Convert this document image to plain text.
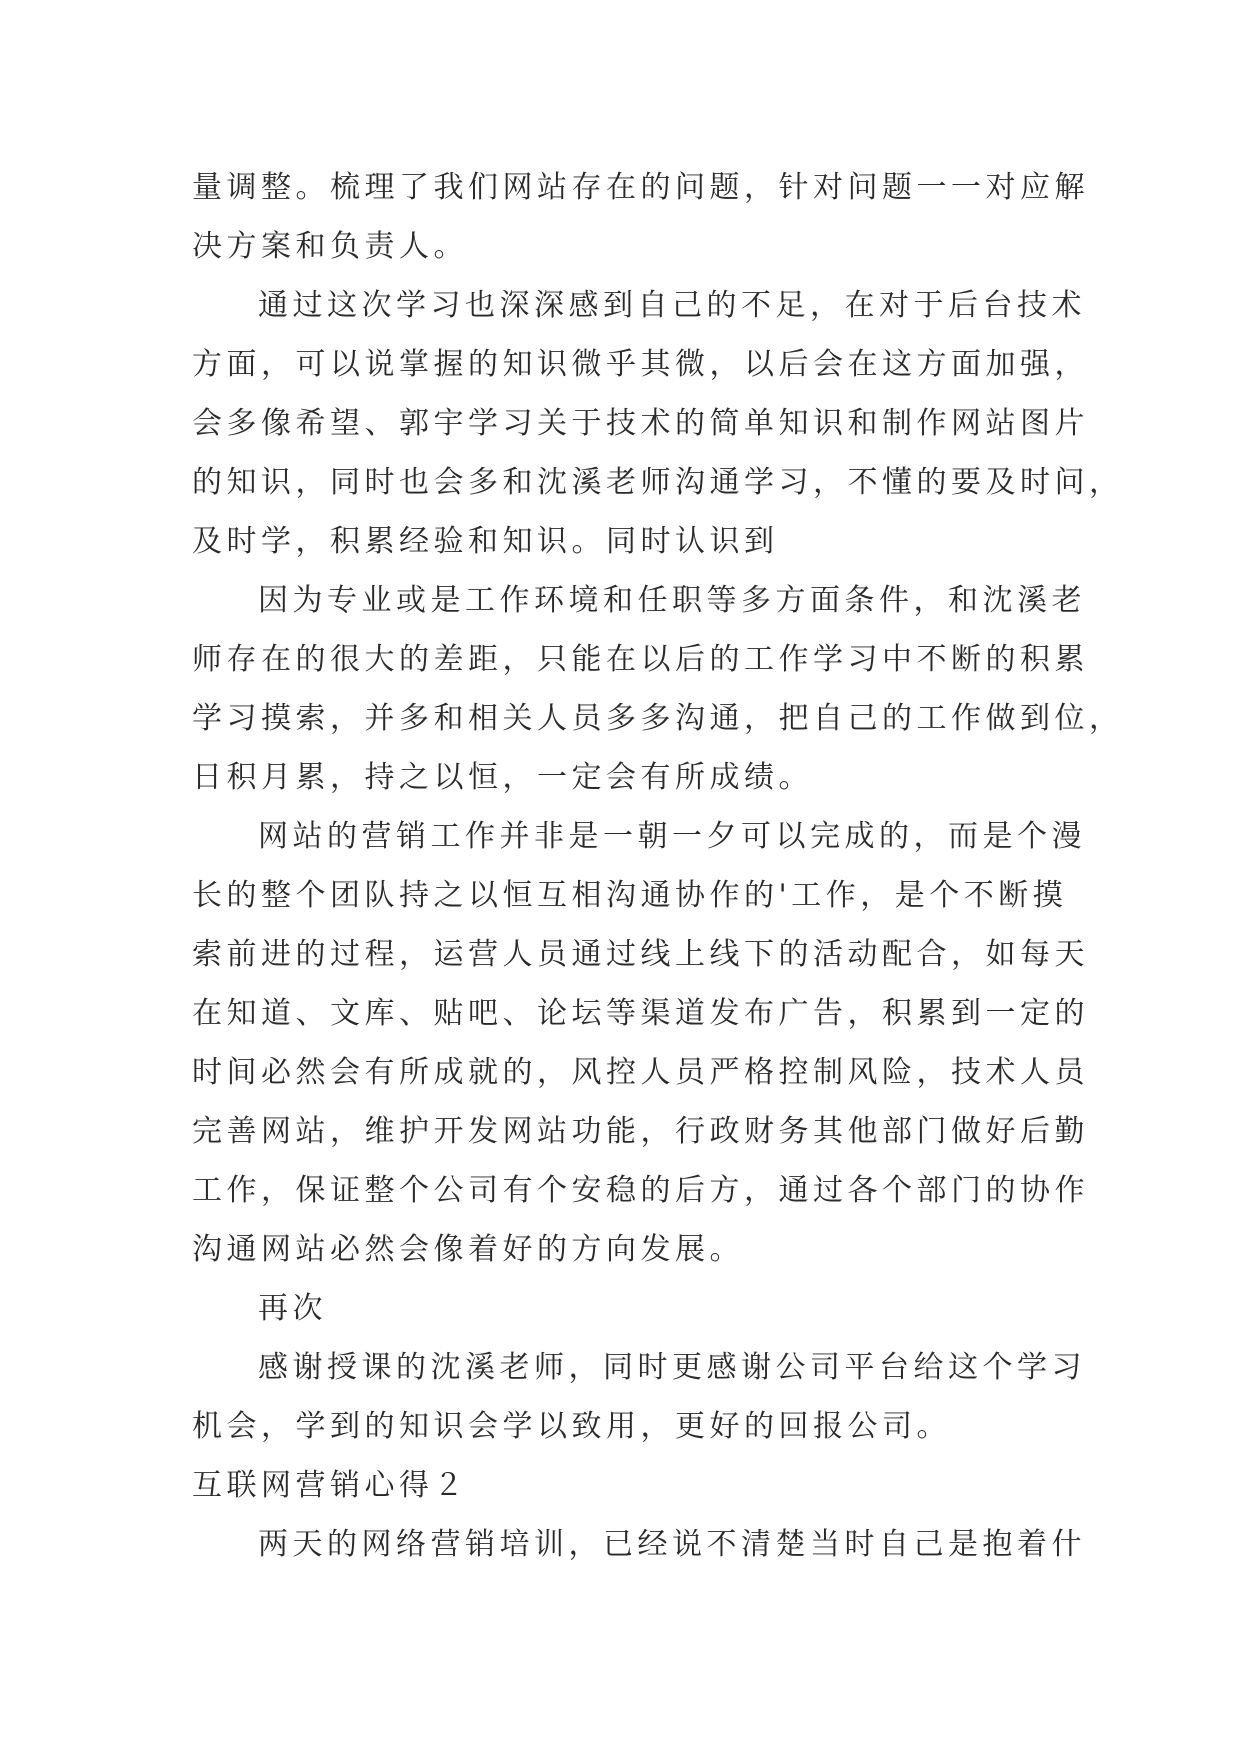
量调整。梳理了我们网站存在的问题，针对问题一一对应解
决方案和负责人。
通过这次学习也深深感到自己的不足，在对于后台技术
方面，可以说掌握的知识微乎其微，以后会在这方面加强，
会多像希望、郭宇学习关于技术的简单知识和制作网站图片
的知识，同时也会多和沈溪老师沟通学习，不懂的要及时问，
及时学，积累经验和知识。同时认识到
因为专业或是工作环境和任职等多方面条件，和沈溪老
师存在的很大的差距，只能在以后的工作学习中不断的积累
学习摸索，并多和相关人员多多沟通，把自己的工作做到位，
日积月累，持之以恒，一定会有所成绩。
网站的营销工作并非是一朝一夕可以完成的，而是个漫
长的整个团队持之以恒互相沟通协作的'工作，是个不断摸
索前进的过程，运营人员通过线上线下的活动配合，如每天
在知道、文库、贴吧、论坛等渠道发布广告，积累到一定的
时间必然会有所成就的，风控人员严格控制风险，技术人员
完善网站，维护开发网站功能，行政财务其他部门做好后勤
工作，保证整个公司有个安稳的后方，通过各个部门的协作
沟通网站必然会像着好的方向发展。
再次
感谢授课的沈溪老师，同时更感谢公司平台给这个学习
机会，学到的知识会学以致用，更好的回报公司。
互联网营销心得２
两天的网络营销培训，已经说不清楚当时自己是抱着什
